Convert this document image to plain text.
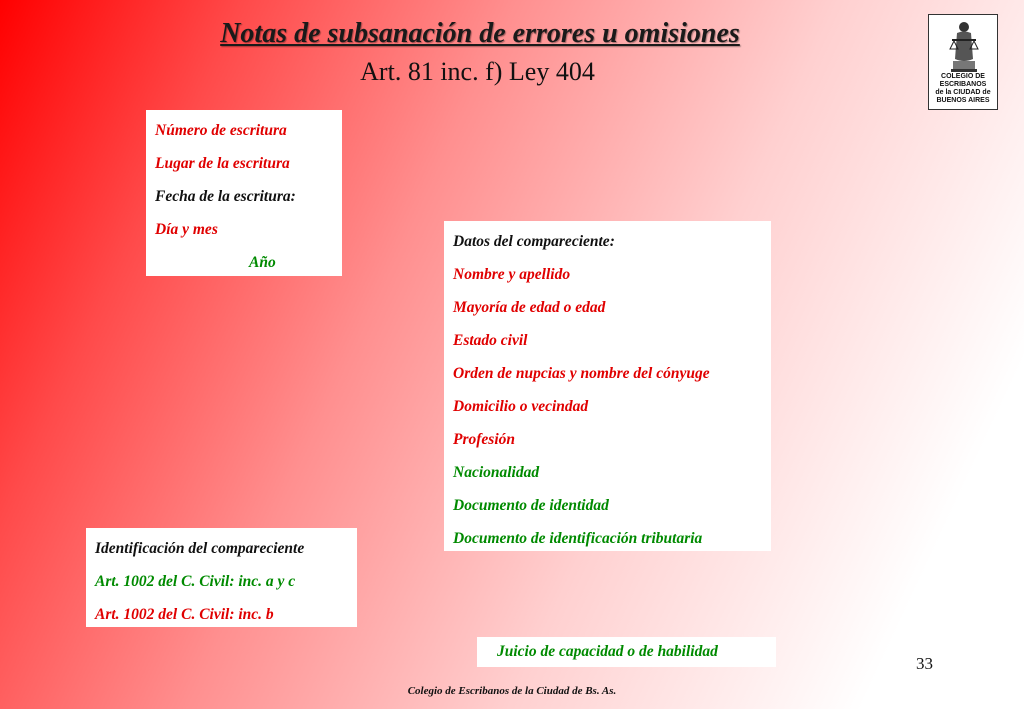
Notas de subsanación de errores u omisiones
Art. 81 inc. f) Ley 404	COLEGIO DE
ESCRIBANOS
de la CIUDAD de
BUENOS AIRES
Número de escritura
Lugar de la escritura
Fecha de la escritura:
Día y mes
Año
Datos del compareciente:
Nombre y apellido
Mayoría de edad o edad
Estado civil
Orden de nupcias y nombre del cónyuge
Domicilio o vecindad
Profesión
Nacionalidad
Documento de identidad
Documento de identificación tributaria
Identificación del compareciente
Art. 1002 del C. Civil: inc. a y c
Art. 1002 del C. Civil: inc. b
Juicio de capacidad o de habilidad
33
Colegio de Escribanos de la Ciudad de Bs. As.
